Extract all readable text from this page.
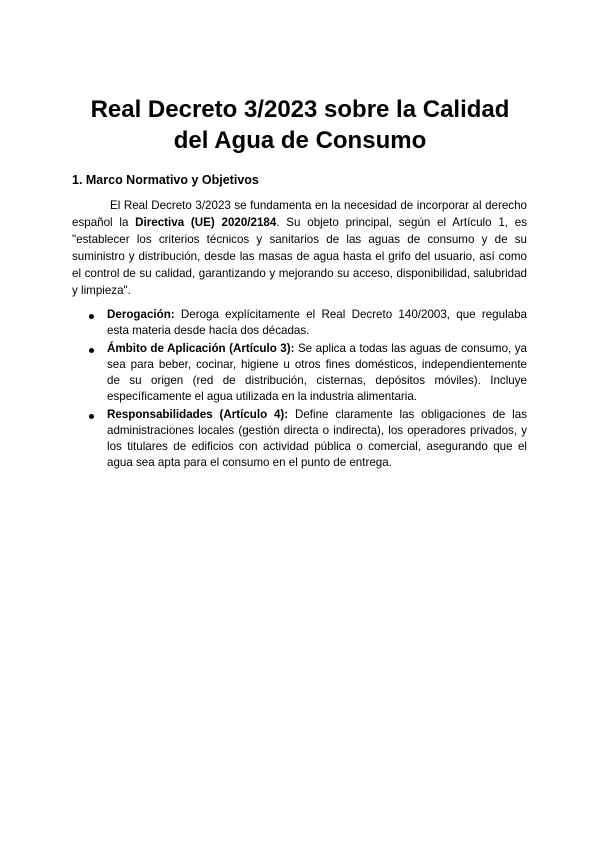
Real Decreto 3/2023 sobre la Calidad del Agua de Consumo
1. Marco Normativo y Objetivos

El Real Decreto 3/2023 se fundamenta en la necesidad de incorporar al derecho español la Directiva (UE) 2020/2184. Su objeto principal, según el Artículo 1, es "establecer los criterios técnicos y sanitarios de las aguas de consumo y de su suministro y distribución, desde las masas de agua hasta el grifo del usuario, así como el control de su calidad, garantizando y mejorando su acceso, disponibilidad, salubridad y limpieza".

Derogación: Deroga explícitamente el Real Decreto 140/2003, que regulaba esta materia desde hacía dos décadas.
Ámbito de Aplicación (Artículo 3): Se aplica a todas las aguas de consumo, ya sea para beber, cocinar, higiene u otros fines domésticos, independientemente de su origen (red de distribución, cisternas, depósitos móviles). Incluye específicamente el agua utilizada en la industria alimentaria.
Responsabilidades (Artículo 4): Define claramente las obligaciones de las administraciones locales (gestión directa o indirecta), los operadores privados, y los titulares de edificios con actividad pública o comercial, asegurando que el agua sea apta para el consumo en el punto de entrega.
